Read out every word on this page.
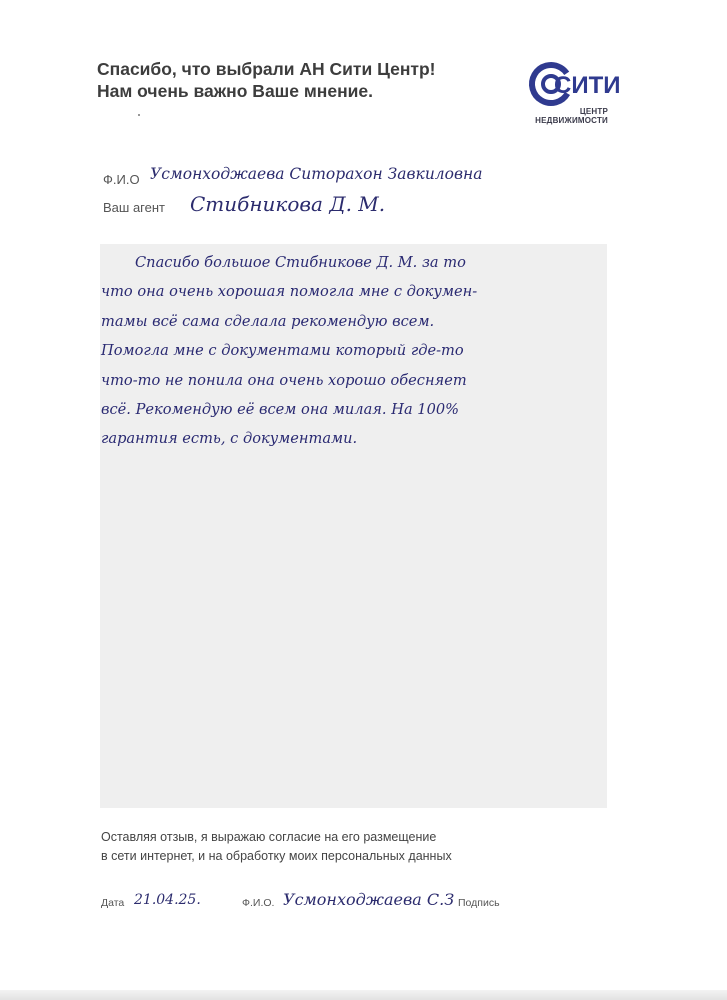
Спасибо, что выбрали АН Сити Центр!
Нам очень важно Ваше мнение.	СИТИ
ЦЕНТР
НЕДВИЖИМОСТИ
Ф.И.О Усмонходжаева Ситорахон Завкиловна
Ваш агент Стибникова Д. М.
Спасибо большое Стибниковe Д. М. за то
что она очень хорошая помогла мне с докумен-
тамы всё сама сделала рекомендую всем.
Помогла мне с документами который где-то
что-то не понила она очень хорошо обесняет
всё. Рекомендую её всем она милая. На 100%
гарантия есть, с документами.
Оставляя отзыв, я выражаю согласие на его размещение
в сети интернет, и на обработку моих персональных данных
Дата 21.04.25.	Ф.И.О. Усмонходжаева С.З Подпись
